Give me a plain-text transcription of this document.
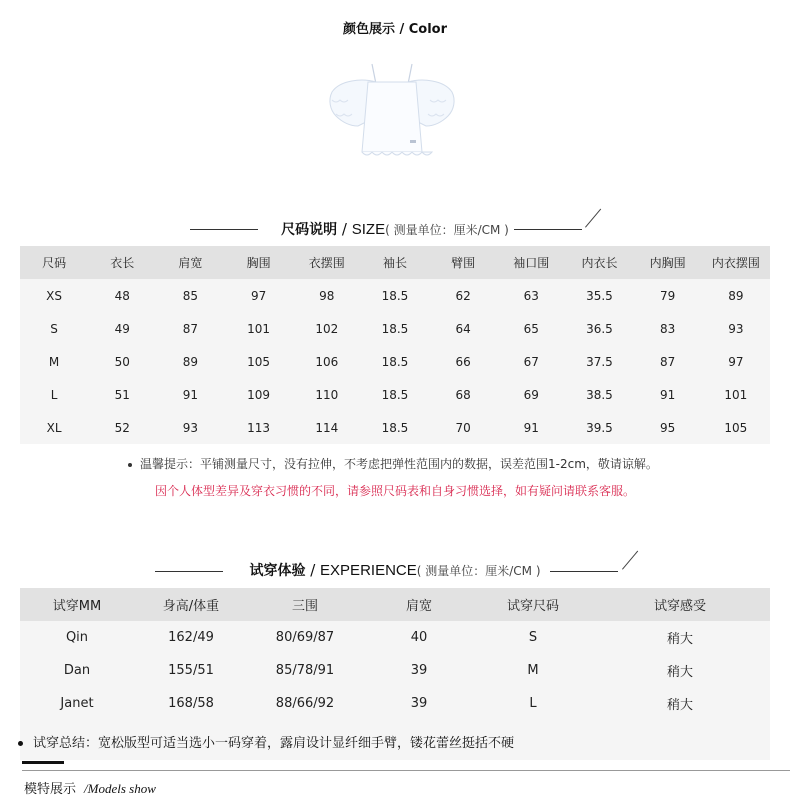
颜色展示 / Color
尺码说明 / SIZE( 测量单位：厘米/CM )
尺码	衣长	肩宽	胸围	衣摆围	袖长	臂围	袖口围	内衣长	内胸围	内衣摆围
XS	48	85	97	98	18.5	62	63	35.5	79	89
S	49	87	101	102	18.5	64	65	36.5	83	93
M	50	89	105	106	18.5	66	67	37.5	87	97
L	51	91	109	110	18.5	68	69	38.5	91	101
XL	52	93	113	114	18.5	70	91	39.5	95	105
温馨提示：平铺测量尺寸，没有拉伸，不考虑把弹性范围内的数据，误差范围1-2cm，敬请谅解。
因个人体型差异及穿衣习惯的不同，请参照尺码表和自身习惯选择，如有疑问请联系客服。
试穿体验 / EXPERIENCE( 测量单位：厘米/CM )
试穿MM	身高/体重	三围	肩宽	试穿尺码	试穿感受
Qin	162/49	80/69/87	40	S	稍大
Dan	155/51	85/78/91	39	M	稍大
Janet	168/58	88/66/92	39	L	稍大
试穿总结：宽松版型可适当选小一码穿着，露肩设计显纤细手臂，镂花蕾丝挺括不硬
模特展示 /Models show
